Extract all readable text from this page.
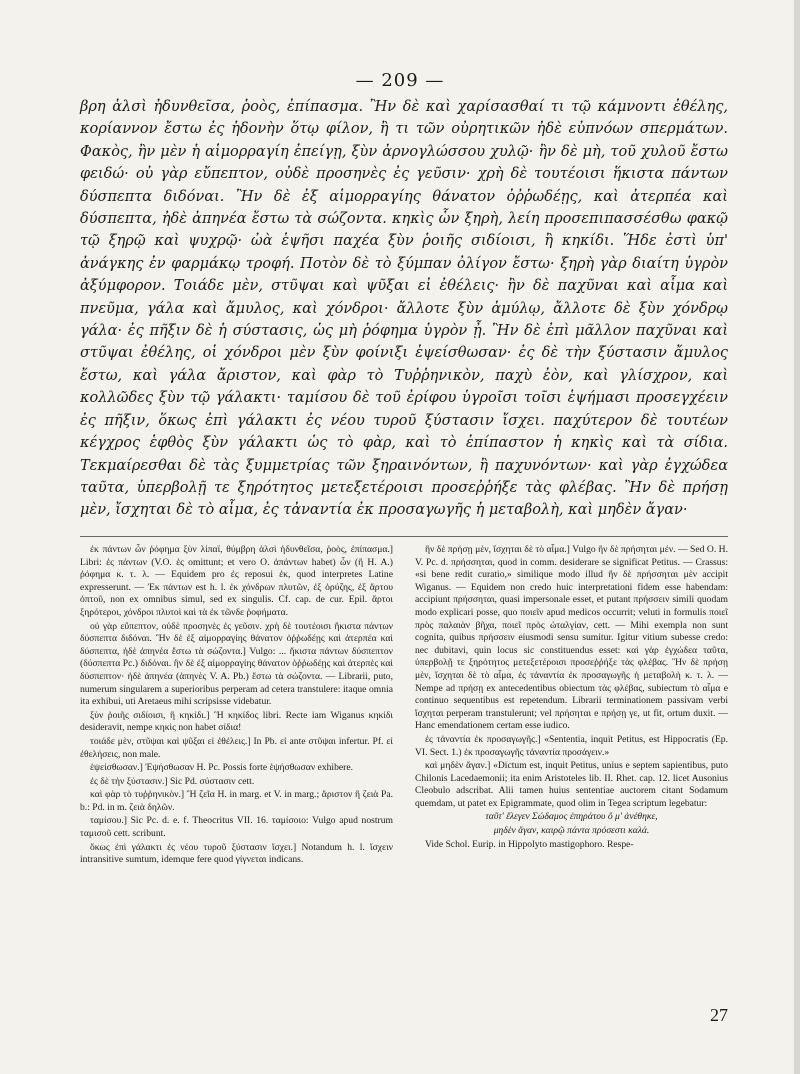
— 209 —

βρη ἁλσὶ ἡδυνθεῖσα, ῥοὸς, ἐπίπασμα. Ἢν δὲ καὶ χαρίσασθαί τι τῷ κάμνοντι ἐθέλης, κορίαννον ἔστω ἐς ἡδονὴν ὅτῳ φίλον, ἢ τι τῶν οὐρητικῶν ἠδὲ εὐπνόων σπερμάτων. Φακὸς, ἢν μὲν ἡ αἱμορραγίη ἐπείγῃ, ξὺν ἀρνογλώσσου χυλῷ· ἢν δὲ μὴ, τοῦ χυλοῦ ἔστω φειδώ· οὐ γὰρ εὔπεπτον, οὐδὲ προσηνὲς ἐς γεῦσιν· χρὴ δὲ τουτέοισι ἥκιστα πάντων δύσπεπτα διδόναι. Ἢν δὲ ἐξ αἱμορραγίης θάνατον ὀῤῥωδέῃς, καὶ ἀτερπέα καὶ δύσπεπτα, ἠδὲ ἀπηνέα ἔστω τὰ σώζοντα. κηκὶς ὧν ξηρὴ, λείη προσεπιπασσέσθω φακῷ τῷ ξηρῷ καὶ ψυχρῷ· ὠὰ ἑψῆσι παχέα ξὺν ῥοιῆς σιδίοισι, ἢ κηκίδι. Ἥδε ἐστὶ ὑπ' ἀνάγκης ἐν φαρμάκῳ τροφή. Ποτὸν δὲ τὸ ξύμπαν ὀλίγον ἔστω· ξηρὴ γὰρ διαίτη ὑγρὸν ἀξύμφορον. Τοιάδε μὲν, στῦψαι καὶ ψῦξαι εἰ ἐθέλεις· ἢν δὲ παχῦναι καὶ αἷμα καὶ πνεῦμα, γάλα καὶ ἄμυλος, καὶ χόνδροι· ἄλλοτε ξὺν ἀμύλῳ, ἄλλοτε δὲ ξὺν χόνδρῳ γάλα· ἐς πῆξιν δὲ ἡ σύστασις, ὡς μὴ ῥόφημα ὑγρὸν ᾖ. Ἢν δὲ ἐπὶ μᾶλλον παχῦναι καὶ στῦψαι ἐθέλης, οἱ χόνδροι μὲν ξὺν φοίνιξι ἑψείσθωσαν· ἐς δὲ τὴν ξύστασιν ἄμυλος ἔστω, καὶ γάλα ἄριστον, καὶ φὰρ τὸ Τυῤῥηνικὸν, παχὺ ἐὸν, καὶ γλίσχρον, καὶ κολλῶδες ξὺν τῷ γάλακτι· ταμίσου δὲ τοῦ ἐρίφου ὑγροῖσι τοῖσι ἑψήμασι προσεγχέειν ἐς πῆξιν, ὅκως ἐπὶ γάλακτι ἐς νέου τυροῦ ξύστασιν ἴσχει. παχύτερον δὲ τουτέων κέγχρος ἑφθὸς ξὺν γάλακτι ὡς τὸ φὰρ, καὶ τὸ ἐπίπαστον ἡ κηκὶς καὶ τὰ σίδια. Τεκμαίρεσθαι δὲ τὰς ξυμμετρίας τῶν ξηραινόντων, ἢ παχυνόντων· καὶ γὰρ ἐγχώδεα ταῦτα, ὑπερβολῇ τε ξηρότητος μετεξετέροισι προσεῤῥήξε τὰς φλέβας. Ἢν δὲ πρήσῃ μὲν, ἴσχηται δὲ τὸ αἷμα, ἐς τἀναντία ἐκ προσαγωγῆς ἡ μεταβολὴ, καὶ μηδὲν ἄγαν·

ἐκ πάντων ὧν ῥόφημα ξὺν λίπαϊ, θύμβρη ἁλσὶ ἡδυνθεῖσα, ῥοὸς, ἐπίπασμα.] Libri: ἐς πάντων (V.O. ἐς omittunt; et vero O. ἁπάντων habet) ὧν (ἢ H. A.) ῥόφημα κ. τ. λ. — Equidem pro ἐς reposui ἐκ, quod interpretes Latine expresserunt. — Ἐκ πάντων est h. l. ἐκ χόνδρων πλυτῶν, ἐξ ὀρύζης, ἐξ ἄρτου ὀπτοῦ, non ex omnibus simul, sed ex singulis. Cf. cap. de cur. Epil. ἄρτοι ξηρότεροι, χόνδροι πλυτοὶ καὶ τὰ ἐκ τῶνδε ῥοφήματα.

οὐ γὰρ εὔπεπτον, οὐδὲ προσηνὲς ἐς γεῦσιν. χρὴ δὲ τουτέοισι ἥκιστα πάντων δύσπεπτα διδόναι. Ἢν δὲ ἐξ αἱμορραγίης θάνατον ὀῤῥωδέῃς καὶ ἀτερπέα καὶ δύσπεπτα, ἠδὲ ἀπηνέα ἔστω τὰ σώζοντα.] Vulgo: ... ἥκιστα πάντων δύσπεπτον (δύσπεπτα Pc.) διδόναι. ἢν δὲ ἐξ αἱμορραγίης θάνατον ὀῤῥωδέῃς καὶ ἀτερπὲς καὶ δύσπεπτον· ἠδὲ ἀπηνέα (ἀπηνὲς V. A. Pb.) ἔστω τὰ σώζοντα. — Librarii, puto, numerum singularem a superioribus perperam ad cetera transtulere: itaque omnia ita exhibui, uti Aretaeus mihi scripsisse videbatur.

ξὺν ῥοιῆς σιδίοισι, ἢ κηκίδι.] Ἢ κηκίδος libri. Recte iam Wiganus κηκίδι desideravit, nempe κηκὶς non habet σίδια!

τοιάδε μὲν, στῦψαι καὶ ψῦξαι εἰ ἐθέλεις.] In Pb. εἰ ante στῦψαι infertur. Pf. εἰ ἐθελήσεις, non male.

ἑψείσθωσαν.] Ἐψήσθωσαν H. Pc. Possis forte ἑψήσθωσαν exhibere.

ἐς δὲ τὴν ξύστασιν.] Sic Pd. σύστασιν cett.

καὶ φὰρ τὸ τυῤῥηνικὸν.] Ἢ ζεῖα H. in marg. et V. in marg.; ἄριστον ἢ ζειὰ Pa. b.: Pd. in m. ζειὰ δηλῶν.

ταμίσου.] Sic Pc. d. e. f. Theocritus VII. 16. ταμίσοιο: Vulgo apud nostrum ταμισοῦ cett. scribunt.

ὅκως ἐπὶ γάλακτι ἐς νέου τυροῦ ξύστασιν ἴσχει.] Notandum h. l. ἴσχειν intransitive sumtum, idemque fere quod γίγνεται indicans.

ἢν δὲ πρήσῃ μὲν, ἴσχηται δὲ τὸ αἷμα.] Vulgo ἢν δὲ πρήσηται μέν. — Sed O. H. V. Pc. d. πρήσσηται, quod in comm. desiderare se significat Petitus. — Crassus: «si bene redit curatio,» similique modo illud ἢν δὲ πρήσσηται μὲν accipit Wiganus. — Equidem non credo huic interpretationi fidem esse habendam: accipiunt πρήσσηται, quasi impersonale esset, et putant πρήσσειν simili quodam modo explicari posse, quo ποιεῖν apud medicos occurrit; veluti in formulis ποιεῖ πρὸς παλαιὰν βῆχα, ποιεῖ πρὸς ὠταλγίαν, cett. — Mihi exempla non sunt cognita, quibus πρήσσειν eiusmodi sensu sumitur. Igitur vitium subesse credo: nec dubitavi, quin locus sic constituendus esset: καὶ γὰρ ἐγχώδεα ταῦτα, ὑπερβολῇ τε ξηρότητος μετεξετέροισι προσεῤῥήξε τὰς φλέβας. Ἢν δὲ πρήσῃ μὲν, ἴσχηται δὲ τὸ αἷμα, ἐς τἀναντία ἐκ προσαγωγῆς ἡ μεταβολὴ κ. τ. λ. — Nempe ad πρήσῃ ex antecedentibus obiectum τὰς φλέβας, subiectum τὸ αἷμα e continuo sequentibus est repetendum. Librarii terminationem passivam verbi ἴσχηται perperam transtulerunt; vel πρήσηται e πρήσῃ γε, ut fit, ortum duxit. — Hanc emendationem certam esse iudico.

ἐς τἀναντία ἐκ προσαγωγῆς.] «Sententia, inquit Petitus, est Hippocratis (Ep. VI. Sect. 1.) ἐκ προσαγωγῆς τἀναντία προσάγειν.»

καὶ μηδὲν ἄγαν.] «Dictum est, inquit Petitus, unius e septem sapientibus, puto Chilonis Lacedaemonii; ita enim Aristoteles lib. II. Rhet. cap. 12. licet Ausonius Cleobulo adscribat. Alii tamen huius sententiae auctorem citant Sodamum quemdam, ut patet ex Epigrammate, quod olim in Tegea scriptum legebatur:

ταῦτ' ἔλεγεν Σώδαμος ἐπηράτου ὅ μ' ἀνέθηκε,

μηδὲν ἄγαν, καιρῷ πάντα πρόσεστι καλά.

Vide Schol. Eurip. in Hippolyto mastigophoro. Respe-

27
